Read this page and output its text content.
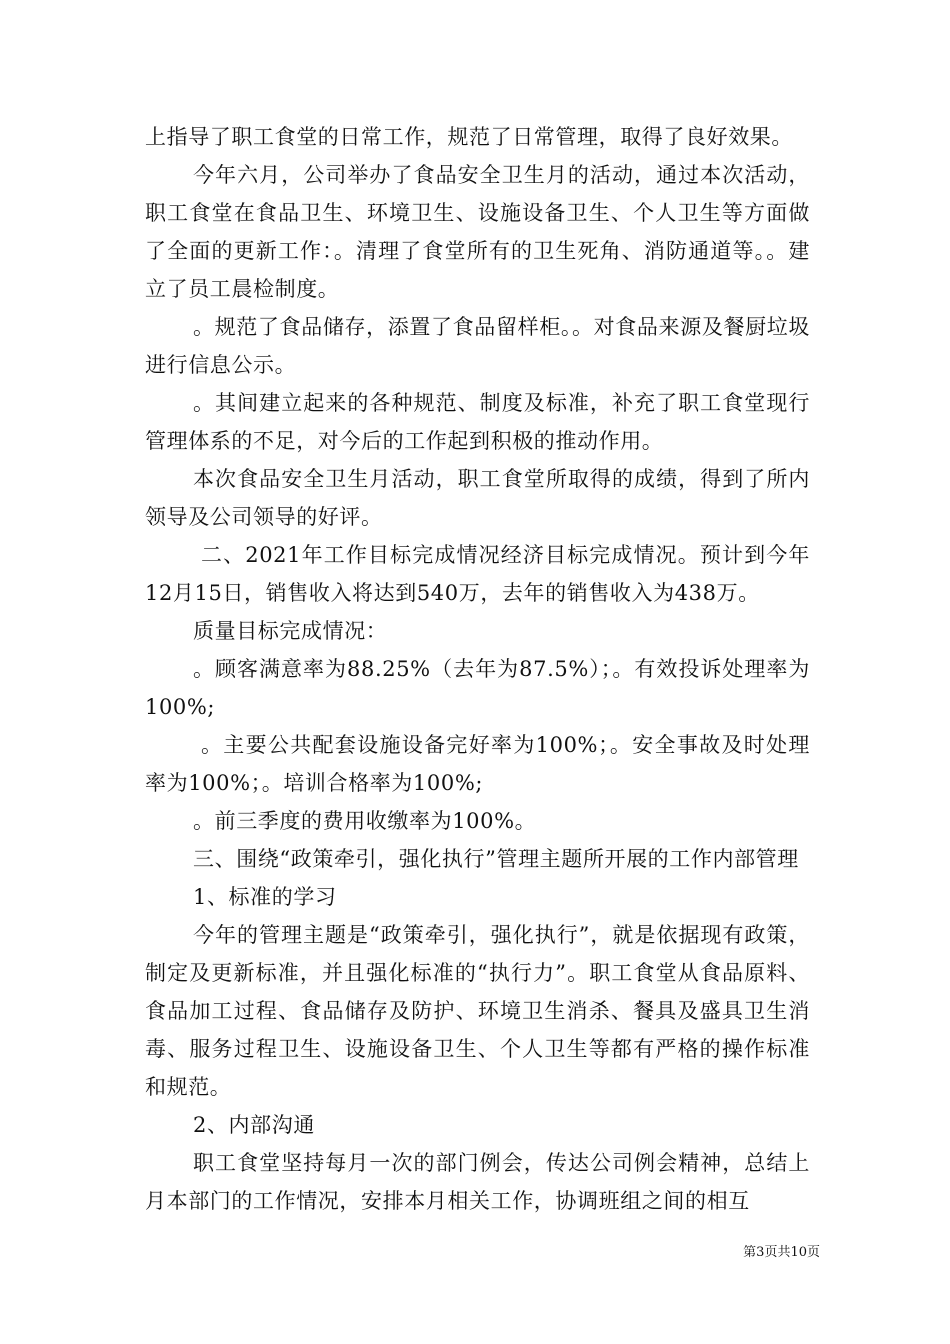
上指导了职工食堂的日常工作，规范了日常管理，取得了良好效果。

今年六月，公司举办了食品安全卫生月的活动，通过本次活动，职工食堂在食品卫生、环境卫生、设施设备卫生、个人卫生等方面做了全面的更新工作：。清理了食堂所有的卫生死角、消防通道等。。建立了员工晨检制度。

。规范了食品储存，添置了食品留样柜。。对食品来源及餐厨垃圾进行信息公示。

。其间建立起来的各种规范、制度及标准，补充了职工食堂现行管理体系的不足，对今后的工作起到积极的推动作用。

本次食品安全卫生月活动，职工食堂所取得的成绩，得到了所内领导及公司领导的好评。

二、2021年工作目标完成情况经济目标完成情况。预计到今年12月15日，销售收入将达到540万，去年的销售收入为438万。

质量目标完成情况：

。顾客满意率为88.25%（去年为87.5%）；。有效投诉处理率为100%;

。主要公共配套设施设备完好率为100%；。安全事故及时处理率为100%；。培训合格率为100%;

。前三季度的费用收缴率为100%。

三、围绕“政策牵引，强化执行”管理主题所开展的工作内部管理

1、标准的学习

今年的管理主题是“政策牵引，强化执行”，就是依据现有政策，制定及更新标准，并且强化标准的“执行力”。职工食堂从食品原料、食品加工过程、食品储存及防护、环境卫生消杀、餐具及盛具卫生消毒、服务过程卫生、设施设备卫生、个人卫生等都有严格的操作标准和规范。

2、内部沟通

职工食堂坚持每月一次的部门例会，传达公司例会精神，总结上月本部门的工作情况，安排本月相关工作，协调班组之间的相互

第3页共10页
